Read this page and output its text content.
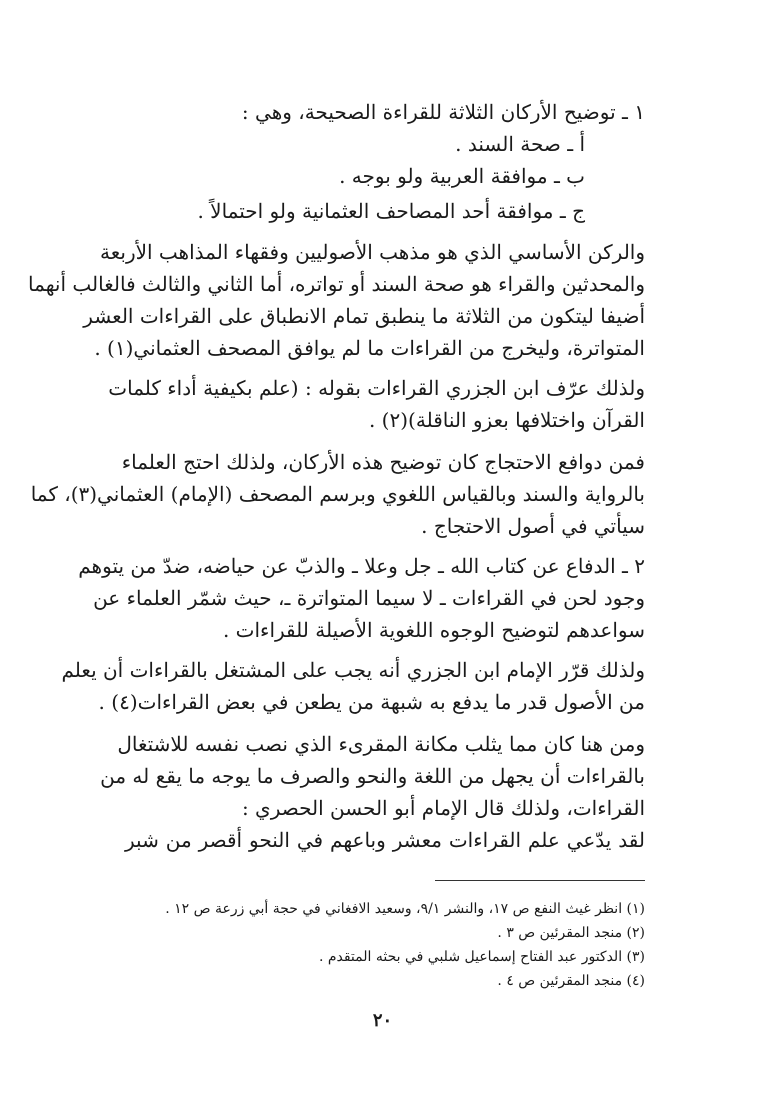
١ ـ توضيح الأركان الثلاثة للقراءة الصحيحة، وهي :
أ ـ صحة السند .
ب ـ موافقة العربية ولو بوجه .
ج ـ موافقة أحد المصاحف العثمانية ولو احتمالاً .
والركن الأساسي الذي هو مذهب الأصوليين وفقهاء المذاهب الأربعة
والمحدثين والقراء هو صحة السند أو تواتره، أما الثاني والثالث فالغالب أنهما
أضيفا ليتكون من الثلاثة ما ينطبق تمام الانطباق على القراءات العشر
المتواترة، وليخرج من القراءات ما لم يوافق المصحف العثماني(١) .
ولذلك عرّف ابن الجزري القراءات بقوله : (علم بكيفية أداء كلمات
القرآن واختلافها بعزو الناقلة)(٢) .
فمن دوافع الاحتجاج كان توضيح هذه الأركان، ولذلك احتج العلماء
بالرواية والسند وبالقياس اللغوي وبرسم المصحف (الإمام) العثماني(٣)، كما
سيأتي في أصول الاحتجاج .
٢ ـ الدفاع عن كتاب الله ـ جل وعلا ـ والذبّ عن حياضه، ضدّ من يتوهم
وجود لحن في القراءات ـ لا سيما المتواترة ـ، حيث شمّر العلماء عن
سواعدهم لتوضيح الوجوه اللغوية الأصيلة للقراءات .
ولذلك قرّر الإمام ابن الجزري أنه يجب على المشتغل بالقراءات أن يعلم
من الأصول قدر ما يدفع به شبهة من يطعن في بعض القراءات(٤) .
ومن هنا كان مما يثلب مكانة المقرىء الذي نصب نفسه للاشتغال
بالقراءات أن يجهل من اللغة والنحو والصرف ما يوجه ما يقع له من
القراءات، ولذلك قال الإمام أبو الحسن الحصري :
لقد يدّعي علم القراءات معشر وباعهم في النحو أقصر من شبر
(١) انظر غيث النفع ص ١٧، والنشر ٩/١، وسعيد الافغاني في حجة أبي زرعة ص ١٢ .
(٢) منجد المقرئين ص ٣ .
(٣) الدكتور عبد الفتاح إسماعيل شلبي في بحثه المتقدم .
(٤) منجد المقرئين ص ٤ .
٢٠
